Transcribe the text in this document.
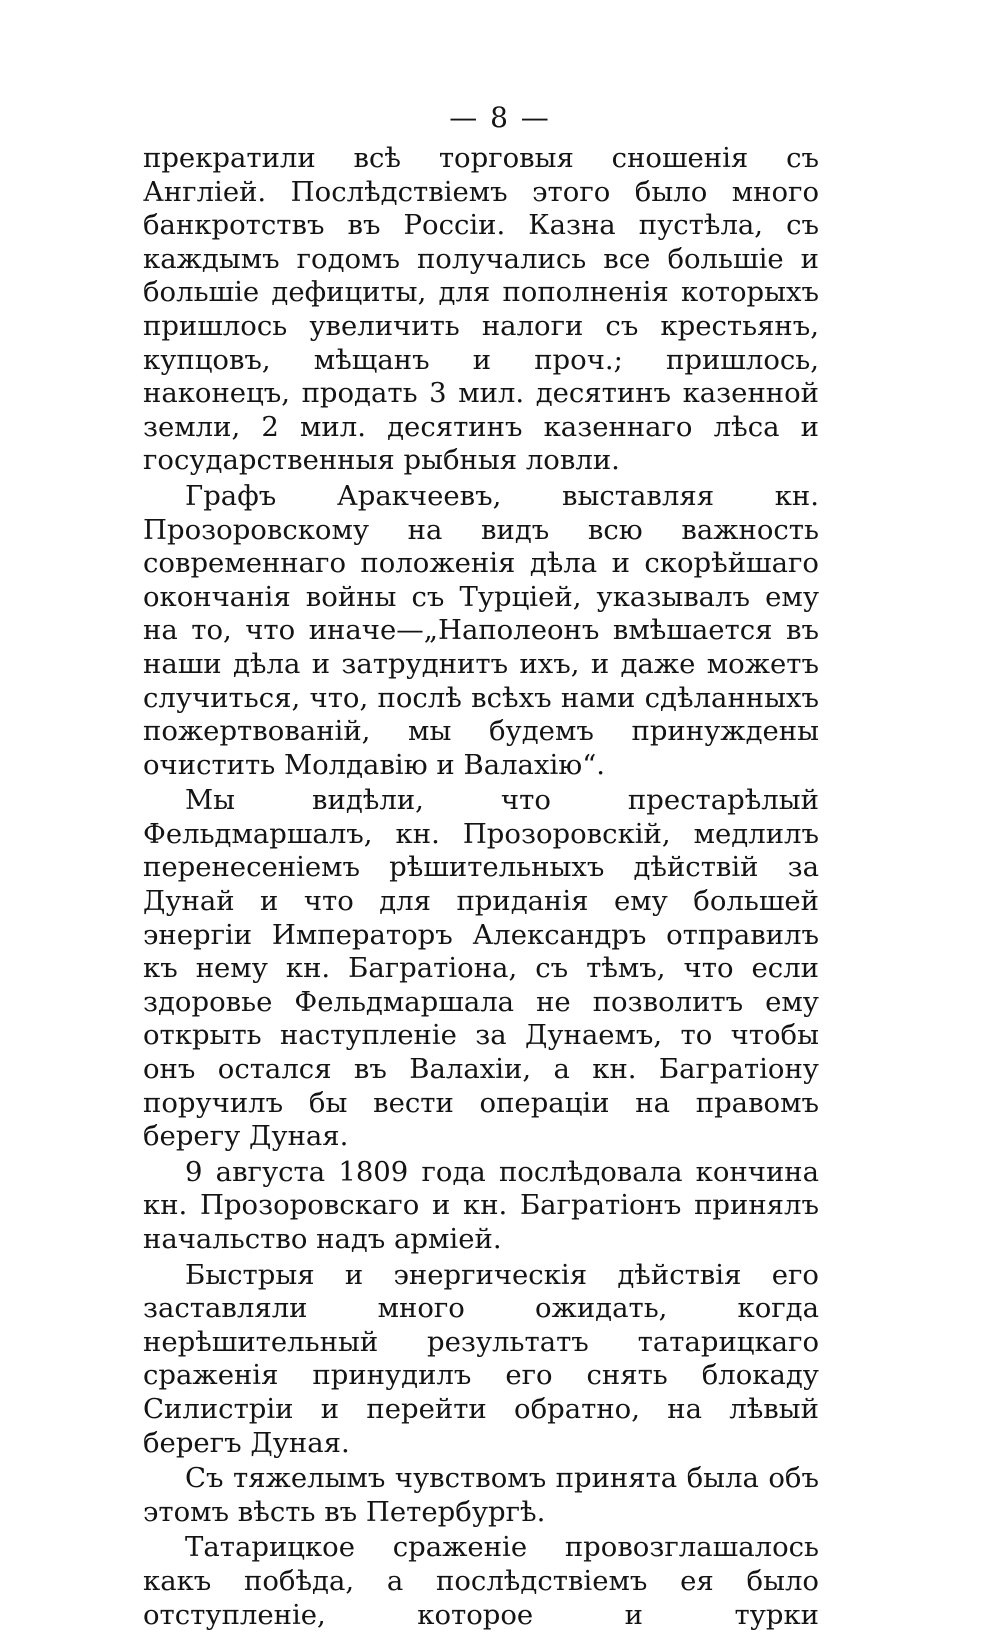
— 8 —

прекратили всѣ торговыя сношенія съ Англіей. Послѣдствіемъ этого было много банкротствъ въ Россіи. Казна пустѣла, съ каждымъ годомъ получались все большіе и большіе дефициты, для пополненія которыхъ пришлось увеличить налоги съ крестьянъ, купцовъ, мѣщанъ и проч.; пришлось, наконецъ, продать 3 мил. десятинъ казенной земли, 2 мил. десятинъ казеннаго лѣса и государственныя рыбныя ловли.

Графъ Аракчеевъ, выставляя кн. Прозоровскому на видъ всю важность современнаго положенія дѣла и скорѣйшаго окончанія войны съ Турціей, указывалъ ему на то, что иначе—„Наполеонъ вмѣшается въ наши дѣла и затруднитъ ихъ, и даже можетъ случиться, что, послѣ всѣхъ нами сдѣланныхъ пожертвованій, мы будемъ принуждены очистить Молдавію и Валахію“.

Мы видѣли, что престарѣлый Фельдмаршалъ, кн. Прозоровскій, медлилъ перенесеніемъ рѣшительныхъ дѣйствій за Дунай и что для приданія ему большей энергіи Императоръ Александръ отправилъ къ нему кн. Багратіона, съ тѣмъ, что если здоровье Фельдмаршала не позволитъ ему открыть наступленіе за Дунаемъ, то чтобы онъ остался въ Валахіи, а кн. Багратіону поручилъ бы вести операціи на правомъ берегу Дуная.

9 августа 1809 года послѣдовала кончина кн. Прозоровскаго и кн. Багратіонъ принялъ начальство надъ арміей.

Быстрыя и энергическія дѣйствія его заставляли много ожидать, когда нерѣшительный результатъ татарицкаго сраженія принудилъ его снять блокаду Силистріи и перейти обратно, на лѣвый берегъ Дуная.

Съ тяжелымъ чувствомъ принята была объ этомъ вѣсть въ Петербургѣ.

Татарицкое сраженіе провозглашалось какъ побѣда, а послѣдствіемъ ея было отступленіе, которое и турки
